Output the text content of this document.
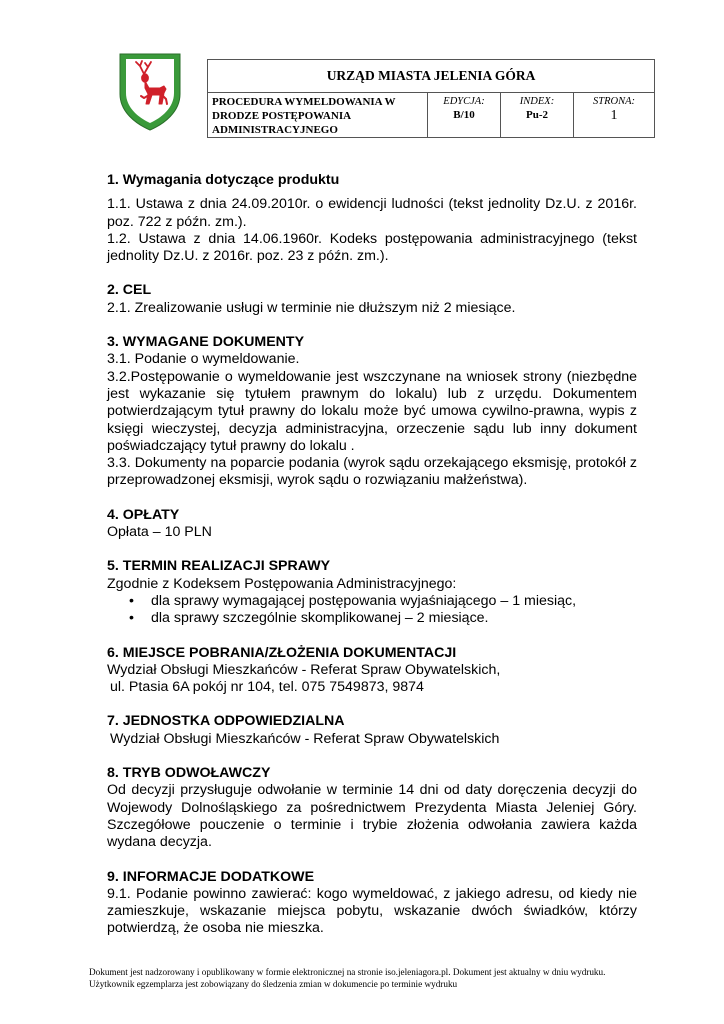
URZĄD MIASTA JELENIA GÓRA
PROCEDURA WYMELDOWANIA W DRODZE POSTĘPOWANIA ADMINISTRACYJNEGO	
EDYCJA:
B/10

INDEX:
Pu-2

STRONA:
1

1. Wymagania dotyczące produktu

1.1. Ustawa z dnia 24.09.2010r. o ewidencji ludności (tekst jednolity Dz.U. z 2016r. poz. 722 z późn. zm.).

1.2. Ustawa z dnia 14.06.1960r. Kodeks postępowania administracyjnego (tekst jednolity Dz.U. z 2016r. poz. 23 z późn. zm.).

2. CEL

2.1. Zrealizowanie usługi w terminie nie dłuższym niż 2 miesiące.

3. WYMAGANE DOKUMENTY

3.1. Podanie o wymeldowanie.

3.2.Postępowanie o wymeldowanie jest wszczynane na wniosek strony (niezbędne jest wykazanie się tytułem prawnym do lokalu) lub z urzędu. Dokumentem potwierdzającym tytuł prawny do lokalu może być umowa cywilno-prawna, wypis z księgi wieczystej, decyzja administracyjna, orzeczenie sądu lub inny dokument poświadczający tytuł prawny do lokalu .

3.3. Dokumenty na poparcie podania (wyrok sądu orzekającego eksmisję, protokół z przeprowadzonej eksmisji, wyrok sądu o rozwiązaniu małżeństwa).

4. OPŁATY

Opłata – 10 PLN

5. TERMIN REALIZACJI SPRAWY

Zgodnie z Kodeksem Postępowania Administracyjnego:

• dla sprawy wymagającej postępowania wyjaśniającego – 1 miesiąc,
• dla sprawy szczególnie skomplikowanej – 2 miesiące.

6. MIEJSCE POBRANIA/ZŁOŻENIA DOKUMENTACJI

Wydział Obsługi Mieszkańców - Referat Spraw Obywatelskich,

ul. Ptasia 6A pokój nr 104, tel. 075 7549873, 9874

7. JEDNOSTKA ODPOWIEDZIALNA

Wydział Obsługi Mieszkańców - Referat Spraw Obywatelskich

8. TRYB ODWOŁAWCZY

Od decyzji przysługuje odwołanie w terminie 14 dni od daty doręczenia decyzji do Wojewody Dolnośląskiego za pośrednictwem Prezydenta Miasta Jeleniej Góry. Szczegółowe pouczenie o terminie i trybie złożenia odwołania zawiera każda wydana decyzja.

9. INFORMACJE DODATKOWE

9.1. Podanie powinno zawierać: kogo wymeldować, z jakiego adresu, od kiedy nie zamieszkuje, wskazanie miejsca pobytu, wskazanie dwóch świadków, którzy potwierdzą, że osoba nie mieszka.

Dokument jest nadzorowany i opublikowany w formie elektronicznej na stronie iso.jeleniagora.pl. Dokument jest aktualny w dniu wydruku.
Użytkownik egzemplarza jest zobowiązany do śledzenia zmian w dokumencie po terminie wydruku
